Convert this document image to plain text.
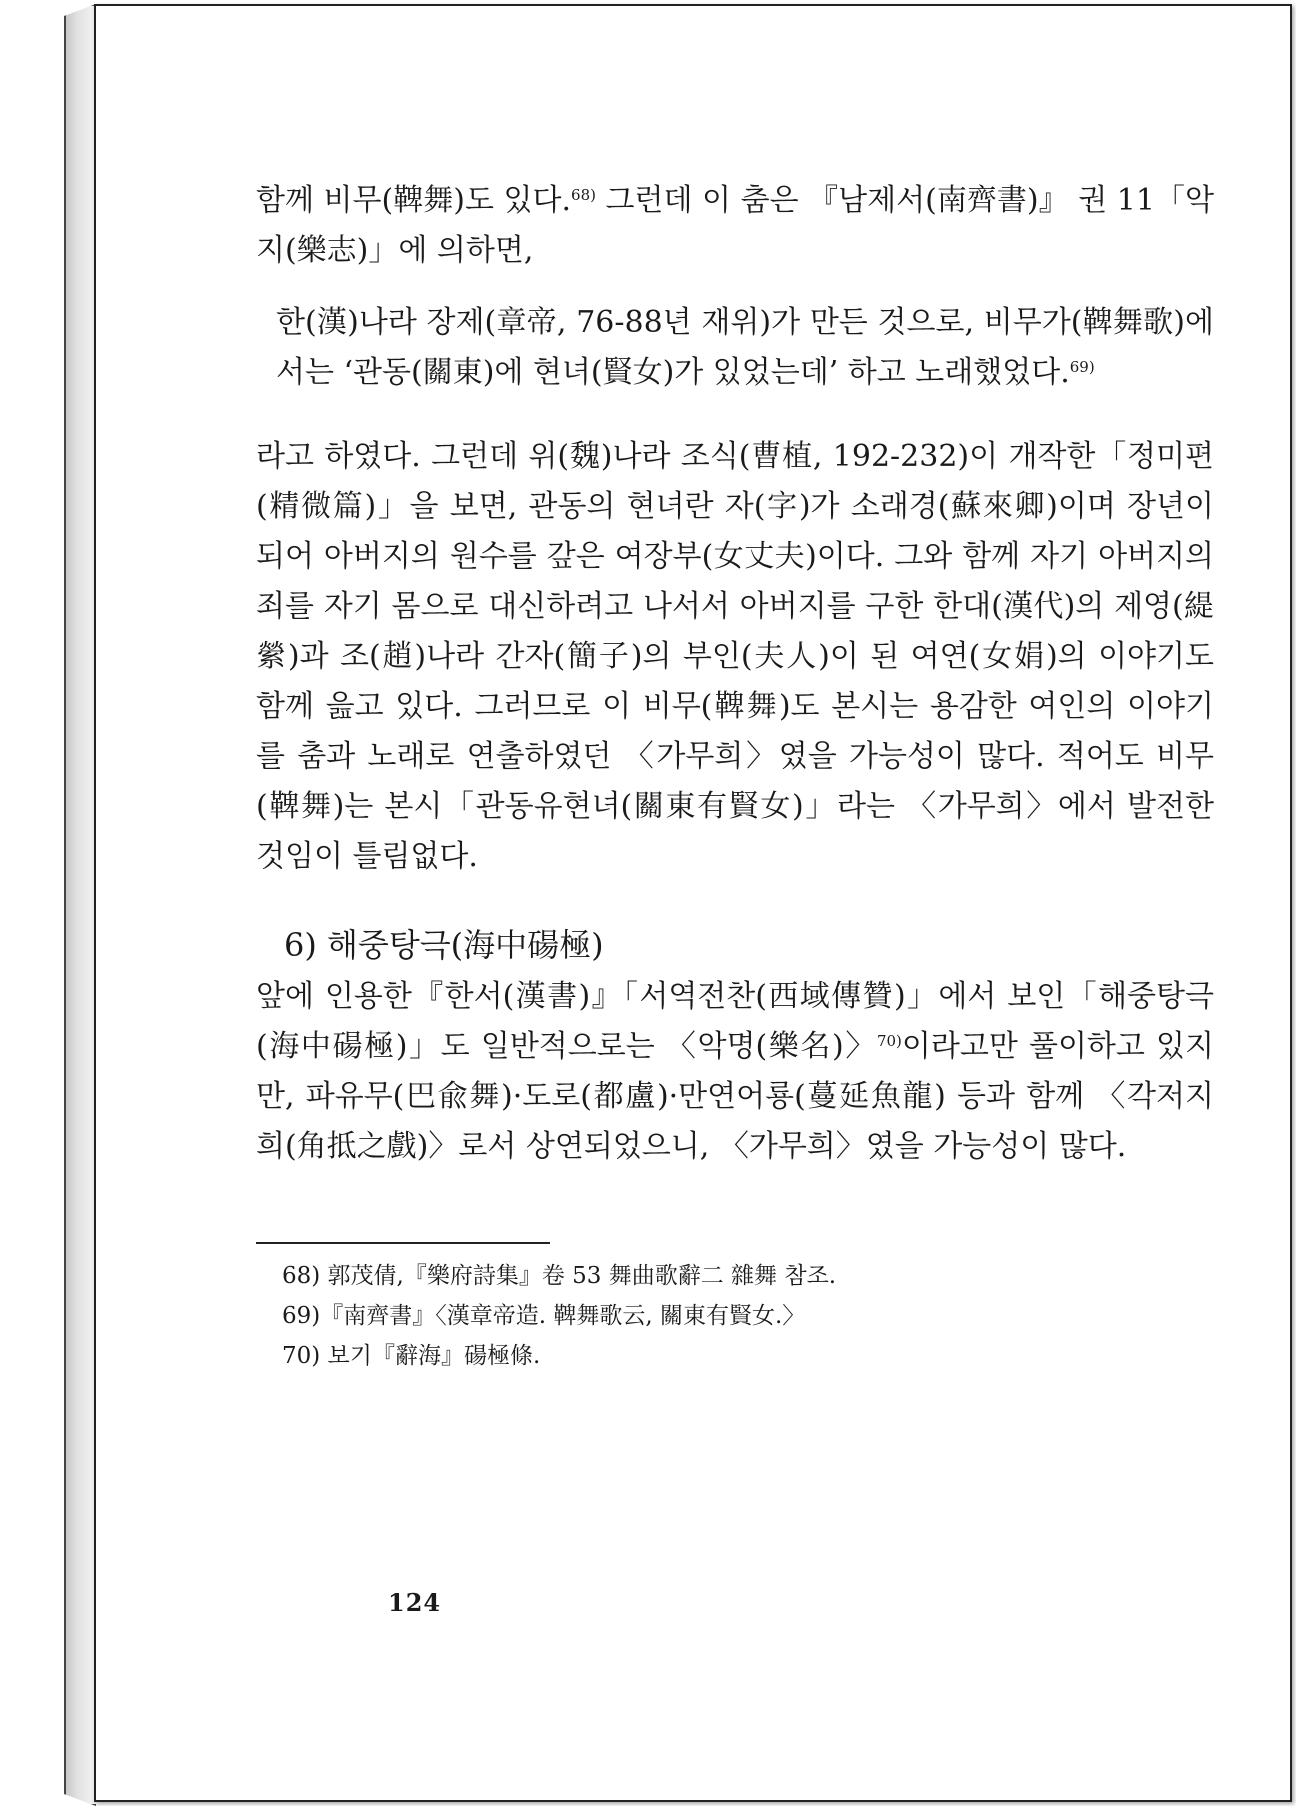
함께 비무(鞞舞)도 있다.$^{68)}$ 그런데 이 춤은 『남제서(南齊書)』 권 11「악지(樂志)」에 의하면,

한(漢)나라 장제(章帝, 76-88년 재위)가 만든 것으로, 비무가(鞞舞歌)에서는 ‘관동(關東)에 현녀(賢女)가 있었는데’ 하고 노래했었다.$^{69)}$

라고 하였다. 그런데 위(魏)나라 조식(曹植, 192-232)이 개작한「정미편(精微篇)」을 보면, 관동의 현녀란 자(字)가 소래경(蘇來卿)이며 장년이 되어 아버지의 원수를 갚은 여장부(女丈夫)이다. 그와 함께 자기 아버지의 죄를 자기 몸으로 대신하려고 나서서 아버지를 구한 한대(漢代)의 제영(緹縈)과 조(趙)나라 간자(簡子)의 부인(夫人)이 된 여연(女娟)의 이야기도 함께 읊고 있다. 그러므로 이 비무(鞞舞)도 본시는 용감한 여인의 이야기를 춤과 노래로 연출하였던 〈가무희〉였을 가능성이 많다. 적어도 비무(鞞舞)는 본시「관동유현녀(關東有賢女)」라는 〈가무희〉에서 발전한 것임이 틀림없다.

6) 해중탕극(海中碭極)

앞에 인용한『한서(漢書)』「서역전찬(西域傳贊)」에서 보인「해중탕극(海中碭極)」도 일반적으로는 〈악명(樂名)〉$^{70)}$이라고만 풀이하고 있지만, 파유무(巴兪舞)·도로(都盧)·만연어룡(蔓延魚龍) 등과 함께 〈각저지희(角抵之戲)〉로서 상연되었으니, 〈가무희〉였을 가능성이 많다.

68) 郭茂倩,『樂府詩集』卷 53 舞曲歌辭二 雜舞 참조.

69)『南齊書』〈漢章帝造. 鞞舞歌云, 關東有賢女.〉

70) 보기『辭海』碭極條.

124
